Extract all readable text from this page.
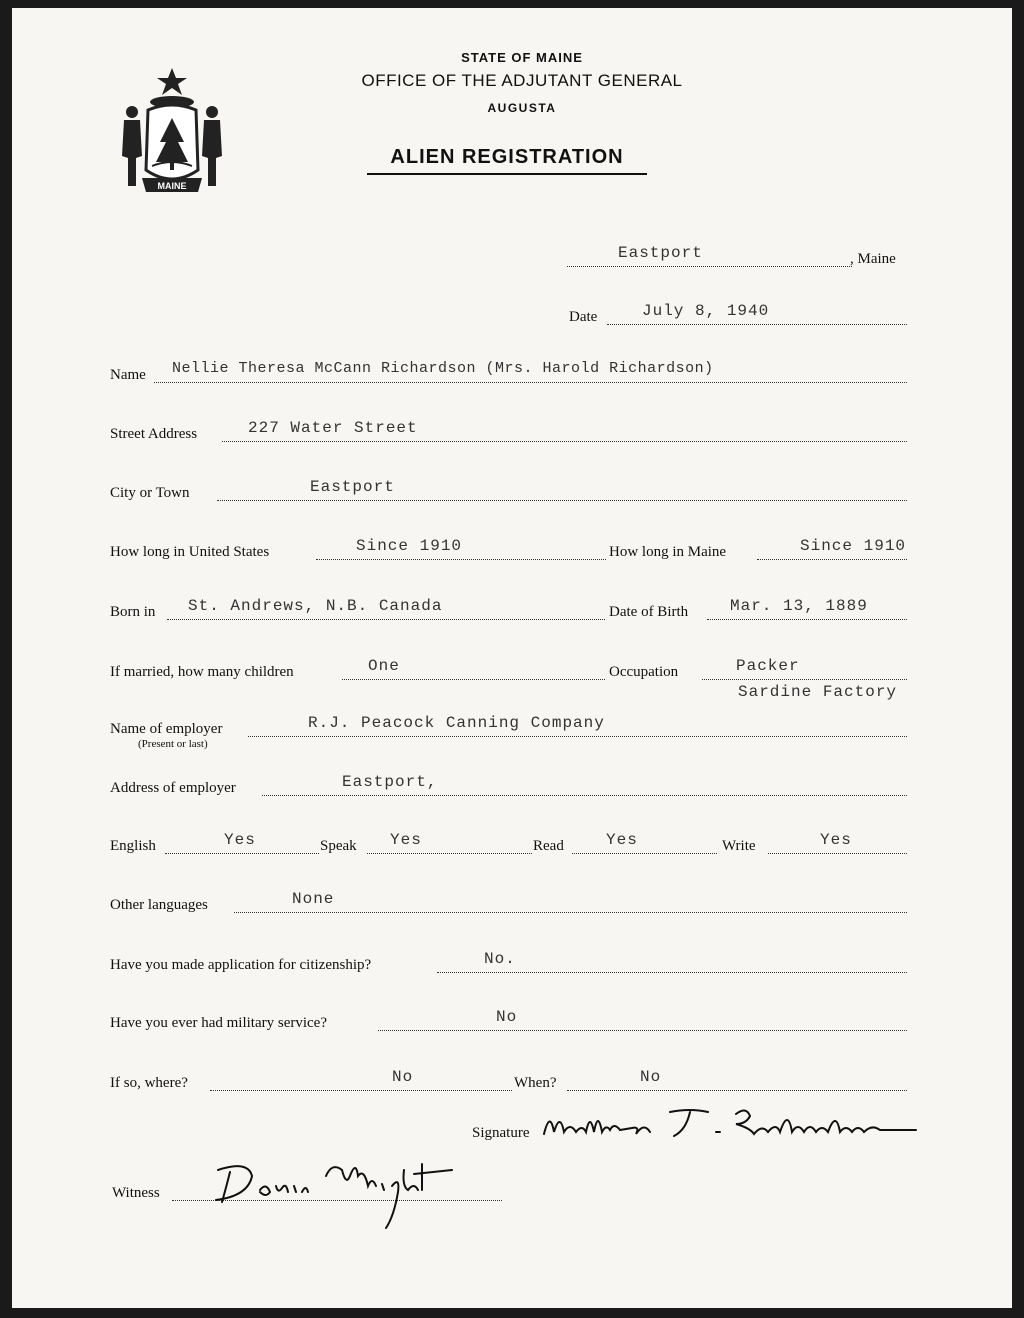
MAINE
STATE OF MAINE
OFFICE OF THE ADJUTANT GENERAL
AUGUSTA
ALIEN REGISTRATION
Eastport	, Maine
Date	July 8, 1940
Name Nellie Theresa McCann Richardson (Mrs. Harold Richardson)
Street Address	227 Water Street
City or Town	Eastport
How long in United States	Since 1910	How long in Maine	Since 1910
Born in St. Andrews, N.B. Canada	Date of Birth	Mar. 13, 1889
If married, how many children	One	Occupation	Packer
Sardine Factory
Name of employer
(Present or last)
R.J. Peacock Canning Company
Address of employer	Eastport,
English	Yes	Speak Yes	Read	Yes	Write	Yes
Other languages	None
Have you made application for citizenship?	No.
Have you ever had military service?	No
If so, where?	No	When?	No
Signature
Witness
